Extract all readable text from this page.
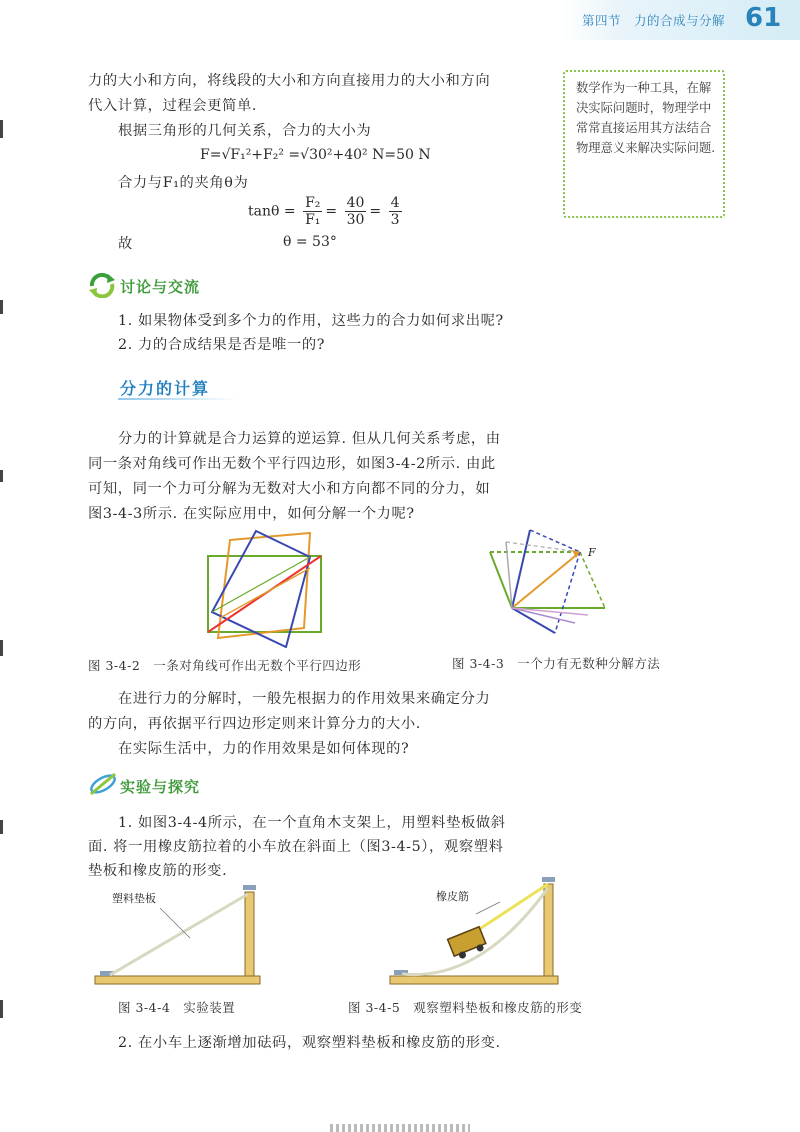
第四节　力的合成与分解 61
力的大小和方向，将线段的大小和方向直接用力的大小和方向
代入计算，过程会更简单.
根据三角形的几何关系，合力的大小为
F=√F₁²+F₂² =√30²+40² N=50 N
合力与F₁的夹角θ为
$\tan\theta = \frac{\text{F₂}}{\text{F₁}} = \frac{40}{30} = \frac{4}{3}$
故	θ = 53°
数学作为一种工具，在解决实际问题时，物理学中常常直接运用其方法结合物理意义来解决实际问题.
讨论与交流
1. 如果物体受到多个力的作用，这些力的合力如何求出呢?
2. 力的合成结果是否是唯一的?
分力的计算
分力的计算就是合力运算的逆运算. 但从几何关系考虑，由
同一条对角线可作出无数个平行四边形，如图3-4-2所示. 由此
可知，同一个力可分解为无数对大小和方向都不同的分力，如
图3-4-3所示. 在实际应用中，如何分解一个力呢?
F
图 3-4-2　一条对角线可作出无数个平行四边形	图 3-4-3　一个力有无数种分解方法
在进行力的分解时，一般先根据力的作用效果来确定分力
的方向，再依据平行四边形定则来计算分力的大小.
在实际生活中，力的作用效果是如何体现的?
实验与探究
1. 如图3-4-4所示，在一个直角木支架上，用塑料垫板做斜
面. 将一用橡皮筋拉着的小车放在斜面上（图3-4-5），观察塑料
垫板和橡皮筋的形变.
塑料垫板	橡皮筋
图 3-4-4　实验装置	图 3-4-5　观察塑料垫板和橡皮筋的形变
2. 在小车上逐渐增加砝码，观察塑料垫板和橡皮筋的形变.
